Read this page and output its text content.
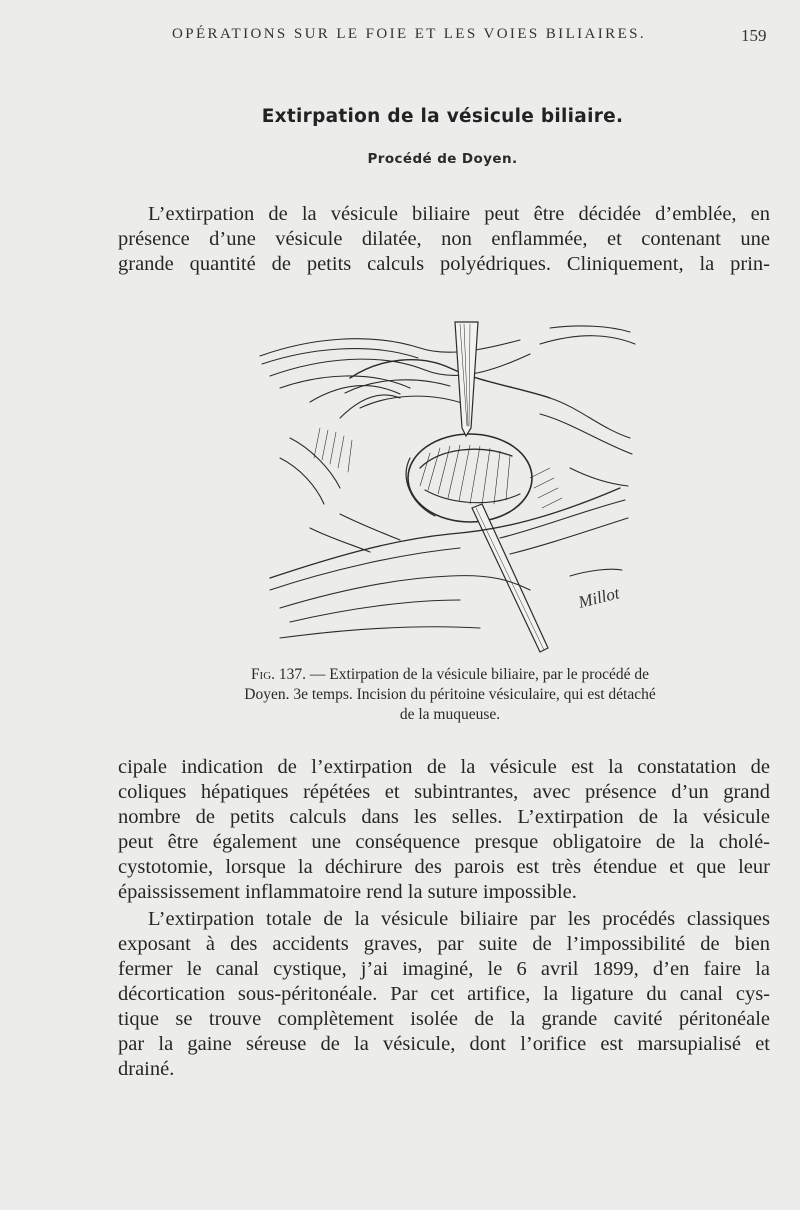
OPÉRATIONS SUR LE FOIE ET LES VOIES BILIAIRES.	159
Extirpation de la vésicule biliaire.
Procédé de Doyen.
L’extirpation de la vésicule biliaire peut être décidée d’emblée, en
présence d’une vésicule dilatée, non enflammée, et contenant une
grande quantité de petits calculs polyédriques. Cliniquement, la prin-
Millot
Fig. 137. — Extirpation de la vésicule biliaire, par le procédé de
Doyen. 3e temps. Incision du péritoine vésiculaire, qui est détaché
de la muqueuse.
cipale indication de l’extirpation de la vésicule est la constatation de
coliques hépatiques répétées et subintrantes, avec présence d’un grand
nombre de petits calculs dans les selles. L’extirpation de la vésicule
peut être également une conséquence presque obligatoire de la cholé-
cystotomie, lorsque la déchirure des parois est très étendue et que leur
épaississement inflammatoire rend la suture impossible.
L’extirpation totale de la vésicule biliaire par les procédés classiques
exposant à des accidents graves, par suite de l’impossibilité de bien
fermer le canal cystique, j’ai imaginé, le 6 avril 1899, d’en faire la
décortication sous-péritonéale. Par cet artifice, la ligature du canal cys-
tique se trouve complètement isolée de la grande cavité péritonéale
par la gaine séreuse de la vésicule, dont l’orifice est marsupialisé et
drainé.
